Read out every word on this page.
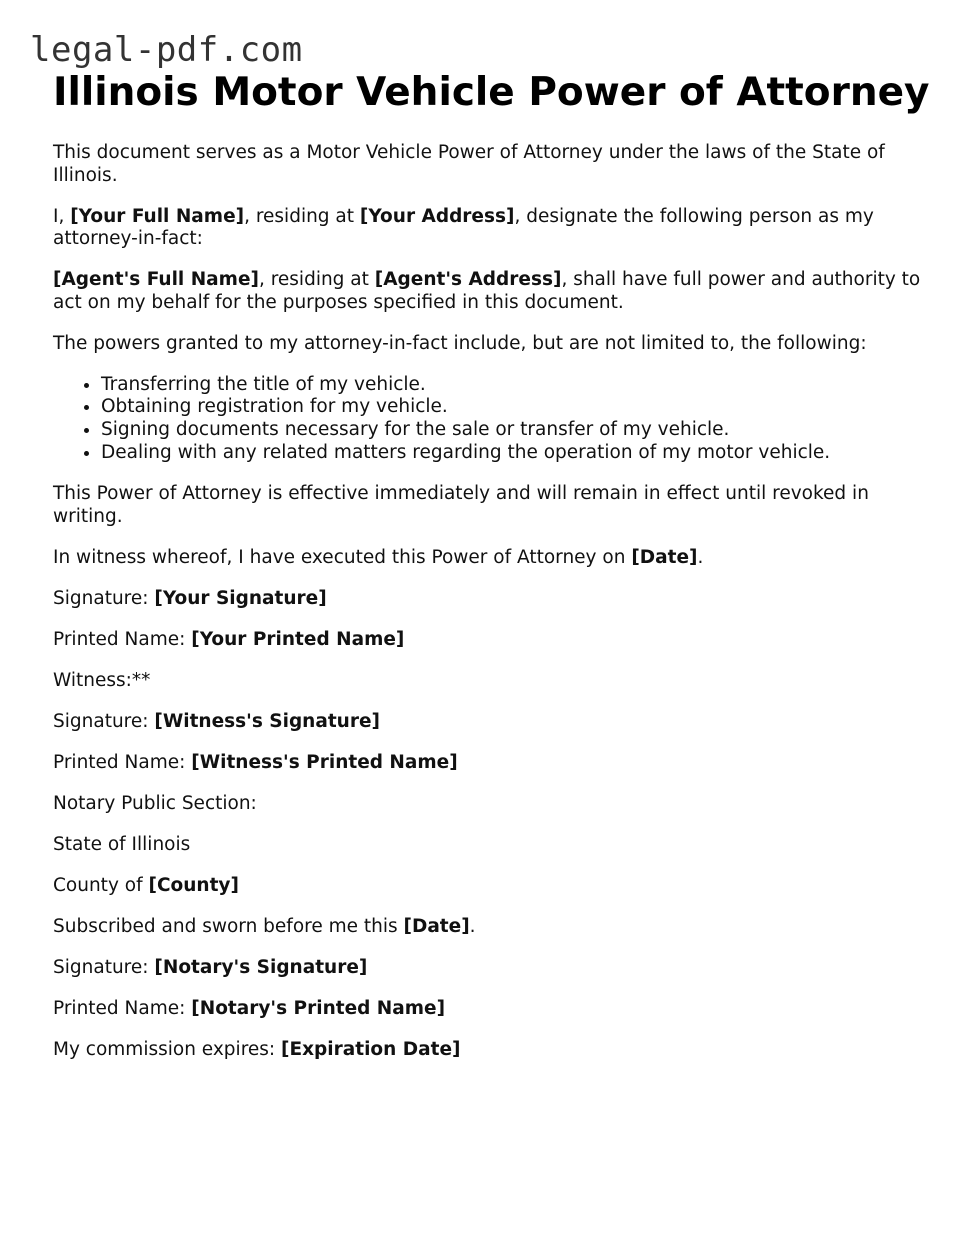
legal-pdf.com
Illinois Motor Vehicle Power of Attorney

This document serves as a Motor Vehicle Power of Attorney under the laws of the State of Illinois.

I, [Your Full Name], residing at [Your Address], designate the following person as my attorney-in-fact:

[Agent's Full Name], residing at [Agent's Address], shall have full power and authority to act on my behalf for the purposes specified in this document.

The powers granted to my attorney-in-fact include, but are not limited to, the following:

• Transferring the title of my vehicle.
• Obtaining registration for my vehicle.
• Signing documents necessary for the sale or transfer of my vehicle.
• Dealing with any related matters regarding the operation of my motor vehicle.

This Power of Attorney is effective immediately and will remain in effect until revoked in writing.

In witness whereof, I have executed this Power of Attorney on [Date].

Signature: [Your Signature]

Printed Name: [Your Printed Name]

Witness:**

Signature: [Witness's Signature]

Printed Name: [Witness's Printed Name]

Notary Public Section:

State of Illinois

County of [County]

Subscribed and sworn before me this [Date].

Signature: [Notary's Signature]

Printed Name: [Notary's Printed Name]

My commission expires: [Expiration Date]
